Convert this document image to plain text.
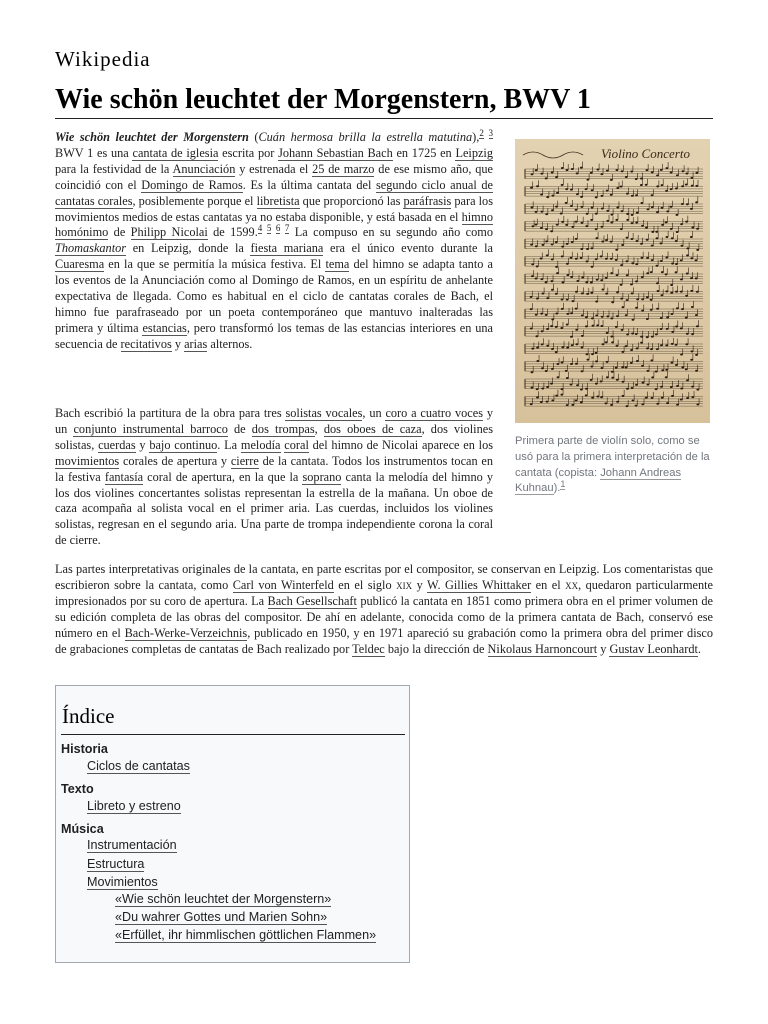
Wikipedia
Wie schön leuchtet der Morgenstern, BWV 1

Wie schön leuchtet der Morgenstern (Cuán hermosa brilla la estrella matutina),$^2$ $^3$ BWV 1 es una cantata de iglesia escrita por Johann Sebastian Bach en 1725 en Leipzig para la festividad de la Anunciación y estrenada el 25 de marzo de ese mismo año, que coincidió con el Domingo de Ramos. Es la última cantata del segundo ciclo anual de cantatas corales, posiblemente porque el libretista que proporcionó las paráfrasis para los movimientos medios de estas cantatas ya no estaba disponible, y está basada en el himno homónimo de Philipp Nicolai de 1599.$^4$ $^5$ $^6$ $^7$ La compuso en su segundo año como Thomaskantor en Leipzig, donde la fiesta mariana era el único evento durante la Cuaresma en la que se permitía la música festiva. El tema del himno se adapta tanto a los eventos de la Anunciación como al Domingo de Ramos, en un espíritu de anhelante expectativa de llegada. Como es habitual en el ciclo de cantatas corales de Bach, el himno fue parafraseado por un poeta contemporáneo que mantuvo inalteradas las primera y última estancias, pero transformó los temas de las estancias interiores en una secuencia de recitativos y arias alternos.

Bach escribió la partitura de la obra para tres solistas vocales, un coro a cuatro voces y un conjunto instrumental barroco de dos trompas, dos oboes de caza, dos violines solistas, cuerdas y bajo continuo. La melodía coral del himno de Nicolai aparece en los movimientos corales de apertura y cierre de la cantata. Todos los instrumentos tocan en la festiva fantasía coral de apertura, en la que la soprano canta la melodía del himno y los dos violines concertantes solistas representan la estrella de la mañana. Un oboe de caza acompaña al solista vocal en el primer aria. Las cuerdas, incluidos los violines solistas, regresan en el segundo aria. Una parte de trompa independiente corona la coral de cierre.

Las partes interpretativas originales de la cantata, en parte escritas por el compositor, se conservan en Leipzig. Los comentaristas que escribieron sobre la cantata, como Carl von Winterfeld en el siglo xix y W. Gillies Whittaker en el xx, quedaron particularmente impresionados por su coro de apertura. La Bach Gesellschaft publicó la cantata en 1851 como primera obra en el primer volumen de su edición completa de las obras del compositor. De ahí en adelante, conocida como de la primera cantata de Bach, conservó ese número en el Bach-Werke-Verzeichnis, publicado en 1950, y en 1971 apareció su grabación como la primera obra del primer disco de grabaciones completas de cantatas de Bach realizado por Teldec bajo la dirección de Nikolaus Harnoncourt y Gustav Leonhardt.

Violino Concerto
Primera parte de violín solo, como se usó para la primera interpretación de la cantata (copista: Johann Andreas Kuhnau).$^1$
Índice
Historia
Ciclos de cantatas
Texto
Libreto y estreno
Música
Instrumentación
Estructura
Movimientos
«Wie schön leuchtet der Morgenstern»
«Du wahrer Gottes und Marien Sohn»
«Erfüllet, ihr himmlischen göttlichen Flammen»
